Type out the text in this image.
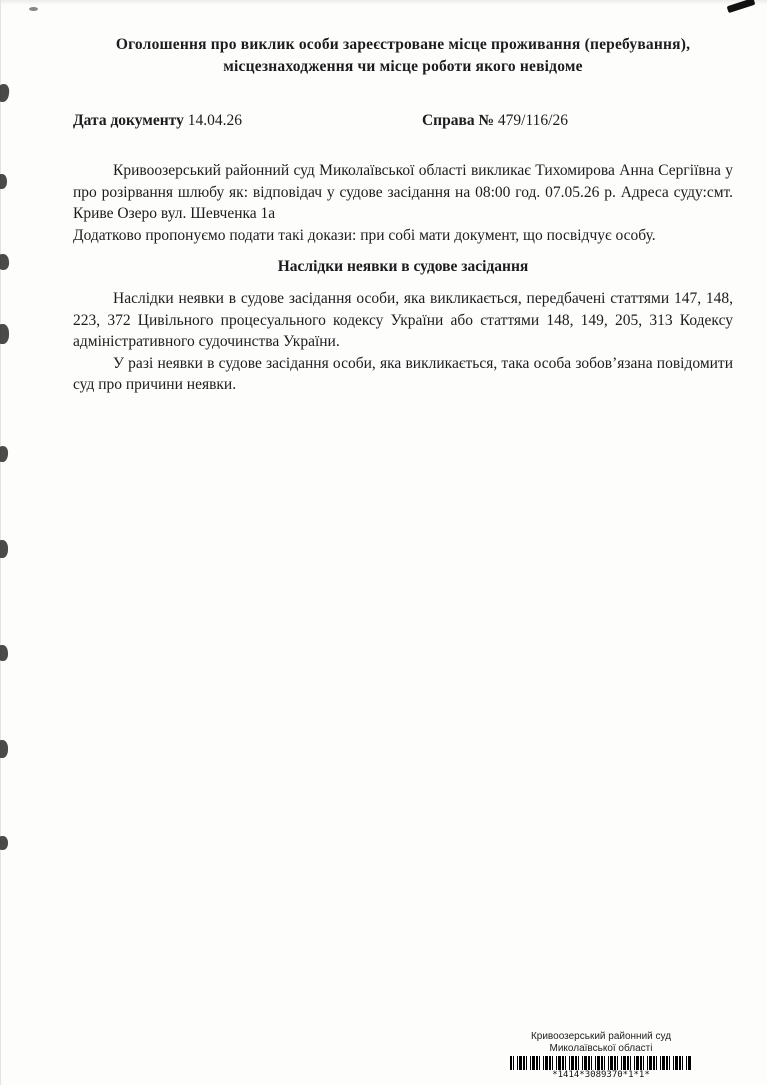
Оголошення про виклик особи зареєстроване місце проживання (перебування),
місцезнаходження чи місце роботи якого невідоме
Дата документу 14.04.26	Справа № 479/116/26

Кривоозерський районний суд Миколаївської області викликає Тихомирова Анна Сергіївна у про розірвання шлюбу як: відповідач у судове засідання на 08:00 год. 07.05.26 р. Адреса суду:смт. Криве Озеро вул. Шевченка 1а

Додатково пропонуємо подати такі докази: при собі мати документ, що посвідчує особу.

Наслідки неявки в судове засідання

Наслідки неявки в судове засідання особи, яка викликається, передбачені статтями 147, 148, 223, 372 Цивільного процесуального кодексу України або статтями 148, 149, 205, 313 Кодексу адміністративного судочинства України.

У разі неявки в судове засідання особи, яка викликається, така особа зобов’язана повідомити суд про причини неявки.

Кривоозерський районний суд
Миколаївської області
*1414*3089370*1*1*
